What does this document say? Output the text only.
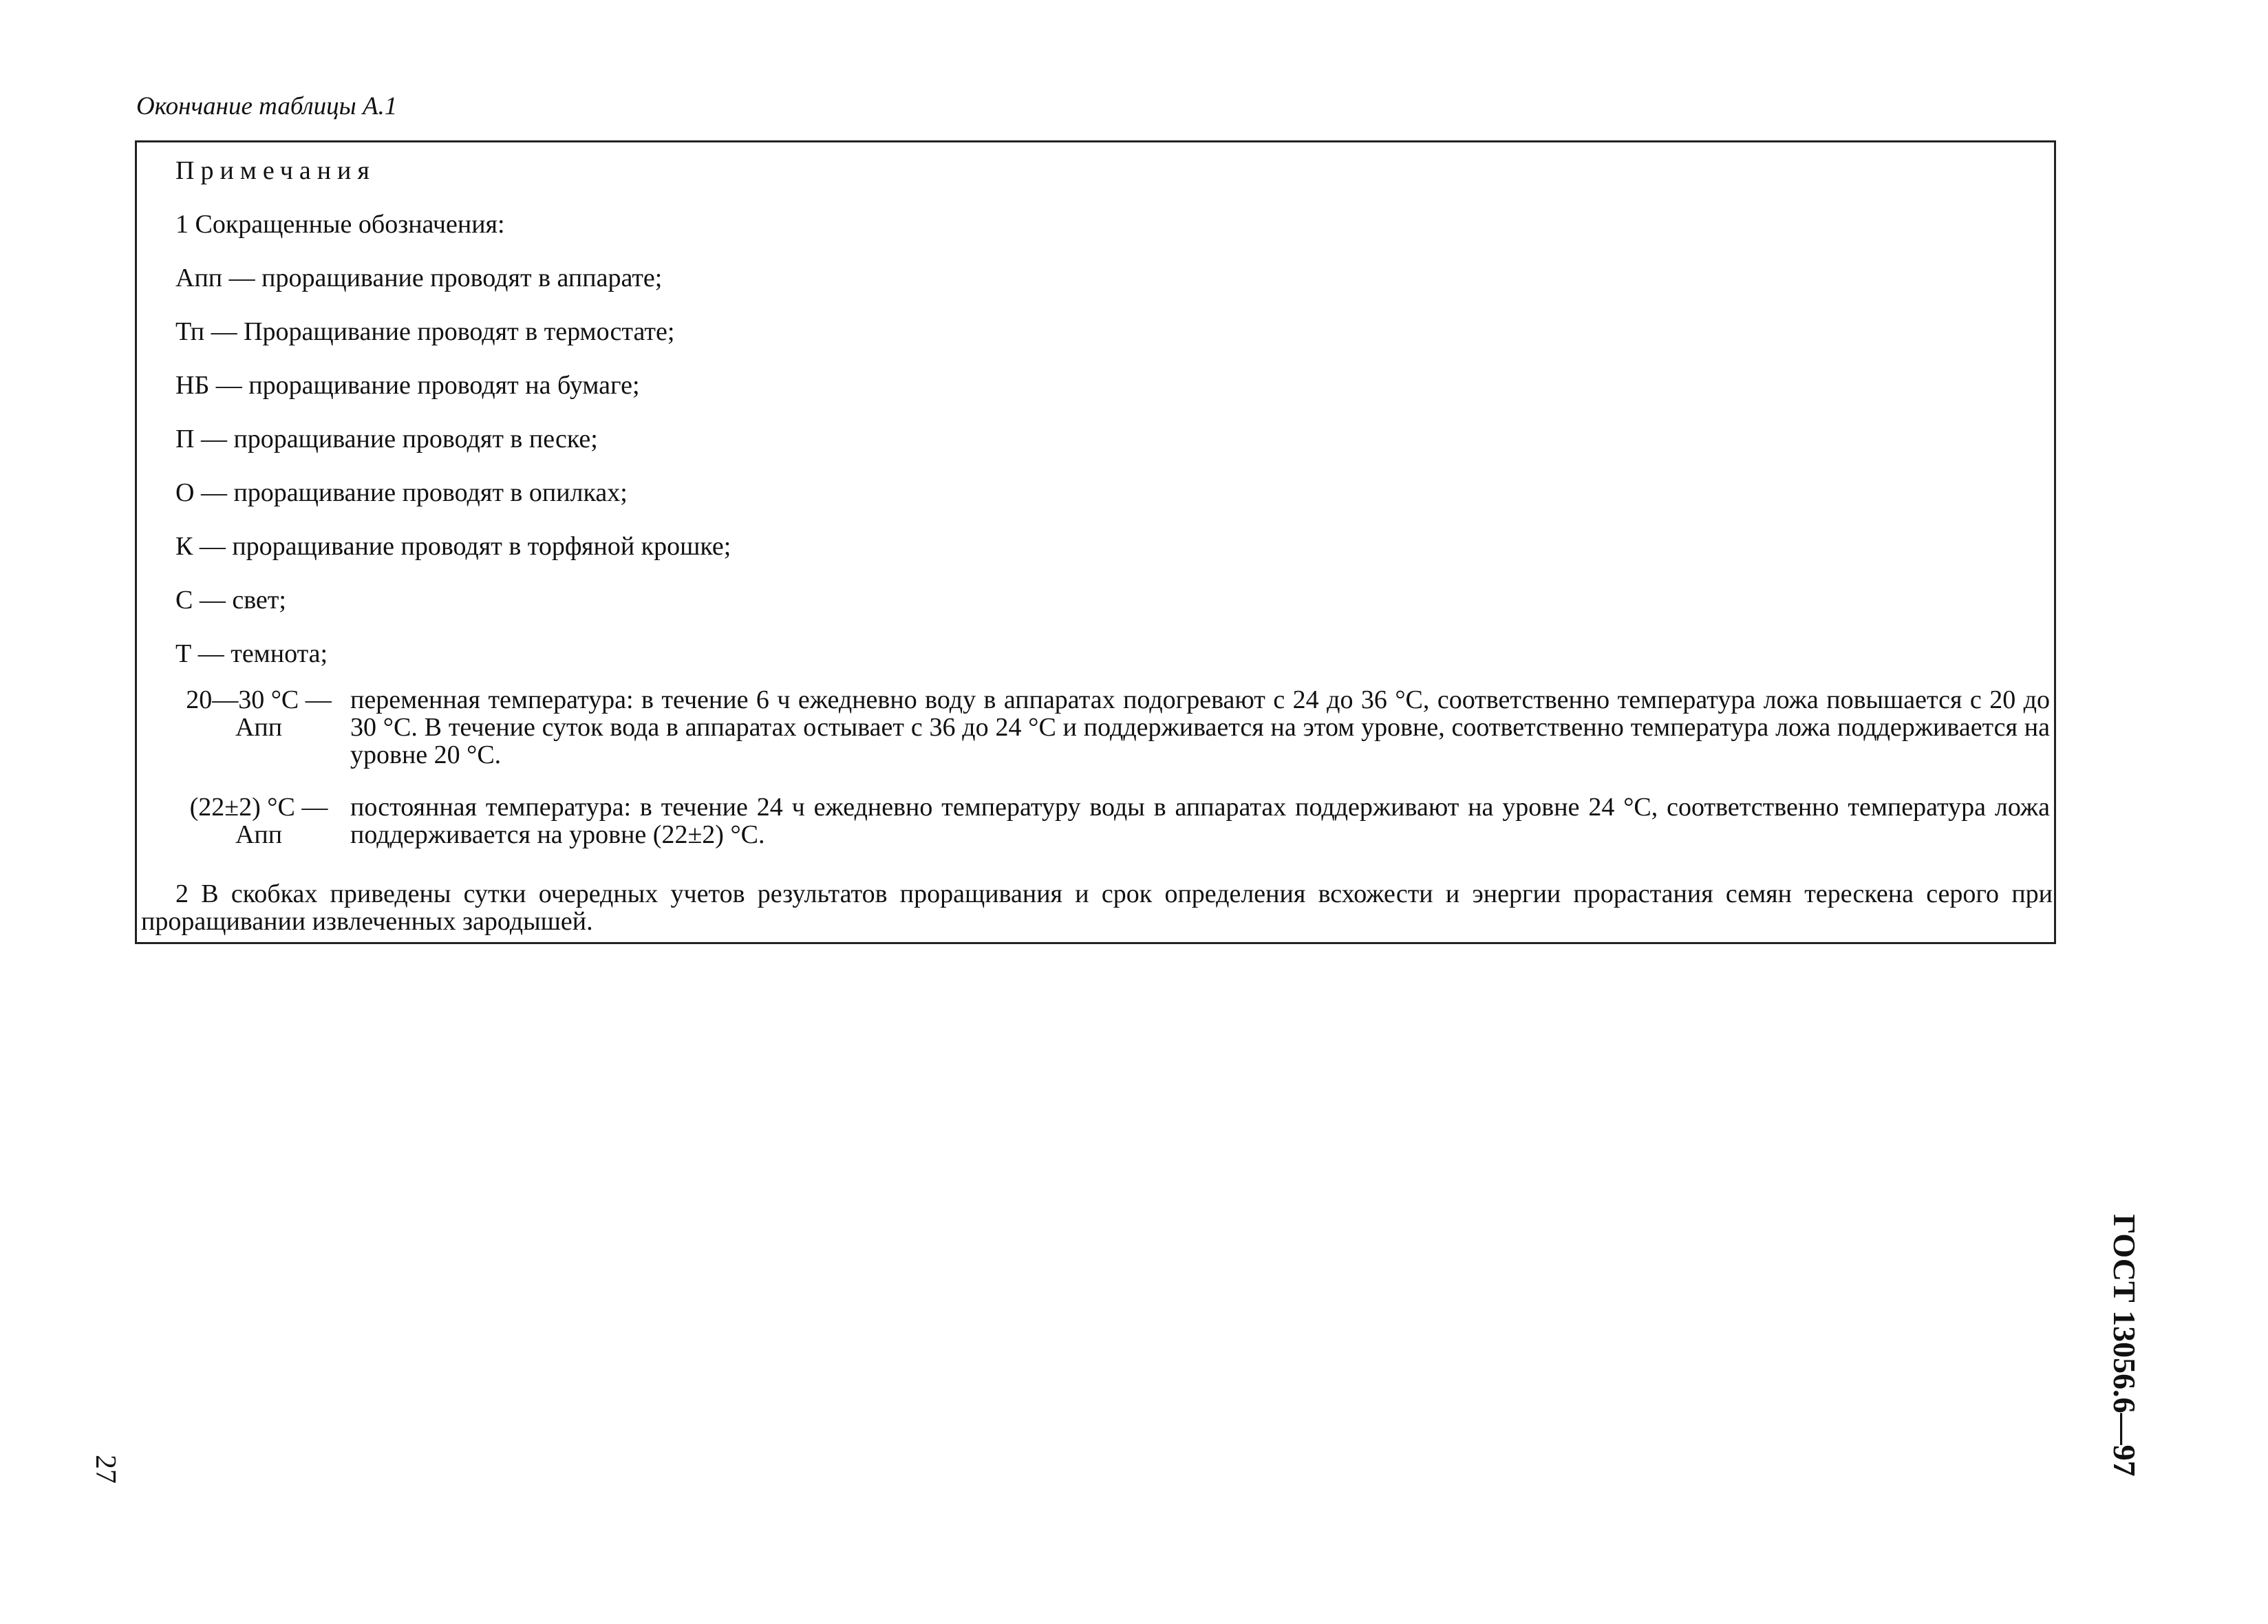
Окончание таблицы А.1
Примечания
1 Сокращенные обозначения:
Апп — проращивание проводят в аппарате;
Тп — Проращивание проводят в термостате;
НБ — проращивание проводят на бумаге;
П — проращивание проводят в песке;
О — проращивание проводят в опилках;
К — проращивание проводят в торфяной крошке;
С — свет;
Т — темнота;
20—30 °С —
Апп
переменная температура: в течение 6 ч ежедневно воду в аппаратах подогревают с 24 до 36 °С, соответственно температура ложа повышается с 20 до 30 °С. В течение суток вода в аппаратах остывает с 36 до 24 °С и поддерживается на этом уровне, соответственно температура ложа поддерживается на уровне 20 °С.
(22±2) °С —
Апп
постоянная температура: в течение 24 ч ежедневно температуру воды в аппаратах поддерживают на уровне 24 °С, соответственно температура ложа поддерживается на уровне (22±2) °С.
2 В скобках приведены сутки очередных учетов результатов проращивания и срок определения всхожести и энергии прорастания семян терескена серого при проращивании извлеченных зародышей.
ГОСТ 13056.6—97
27
